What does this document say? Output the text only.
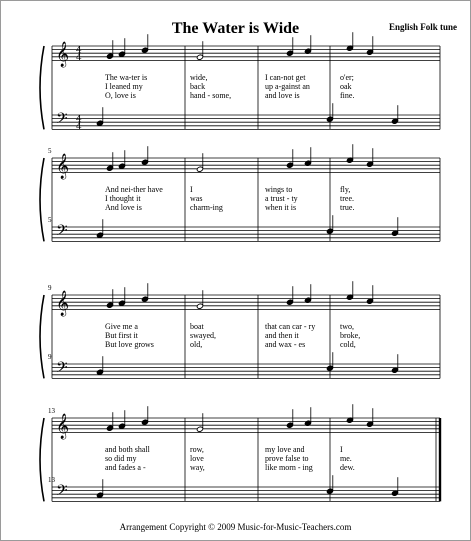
The Water is Wide	English Folk tune
𝄞
𝄢
4
4
4
4
The wa-ter is	wide,	I can-not get	o'er;
I leaned my	back	up a-gainst an	oak
O, love is	hand - some,	and love is	fine.
𝄞
𝄢
5
5
And nei-ther have	I	wings to	fly,
I thought it	was	a trust - ty	tree.
And love is	charm-ing	when it is	true.
𝄞
𝄢
9
9
Give me a	boat	that can car - ry	two,
But first it	swayed,	and then it	broke,
But love grows	old,	and wax - es	cold,
𝄞
𝄢
13
13
and both shall	row,	my love and	I
so did my	love	prove false to	me.
and fades a -	way,	like morn - ing	dew.
Arrangement Copyright © 2009 Music-for-Music-Teachers.com
